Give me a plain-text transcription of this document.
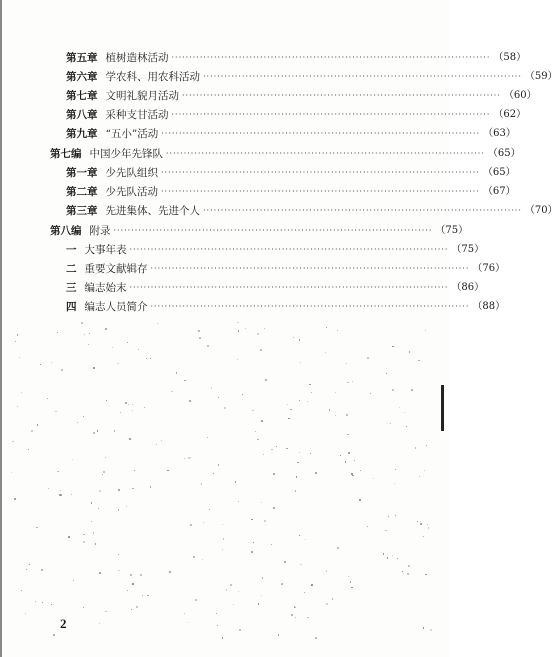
第五章 植树造林活动 ·························································································· （58）
第六章 学农科、用农科活动 ·························································································· （59）
第七章 文明礼貌月活动 ·························································································· （60）
第八章 采种支甘活动 ·························································································· （62）
第九章 “五小”活动 ·························································································· （63）
第七编 中国少年先锋队 ·························································································· （65）
第一章 少先队组织 ·························································································· （65）
第二章 少先队活动 ·························································································· （67）
第三章 先进集体、先进个人 ·························································································· （70）
第八编 附录 ·························································································· （75）
一 大事年表 ·························································································· （75）
二 重要文献辑存 ·························································································· （76）
三 编志始末 ·························································································· （86）
四 编志人员简介 ·························································································· （88）
2
